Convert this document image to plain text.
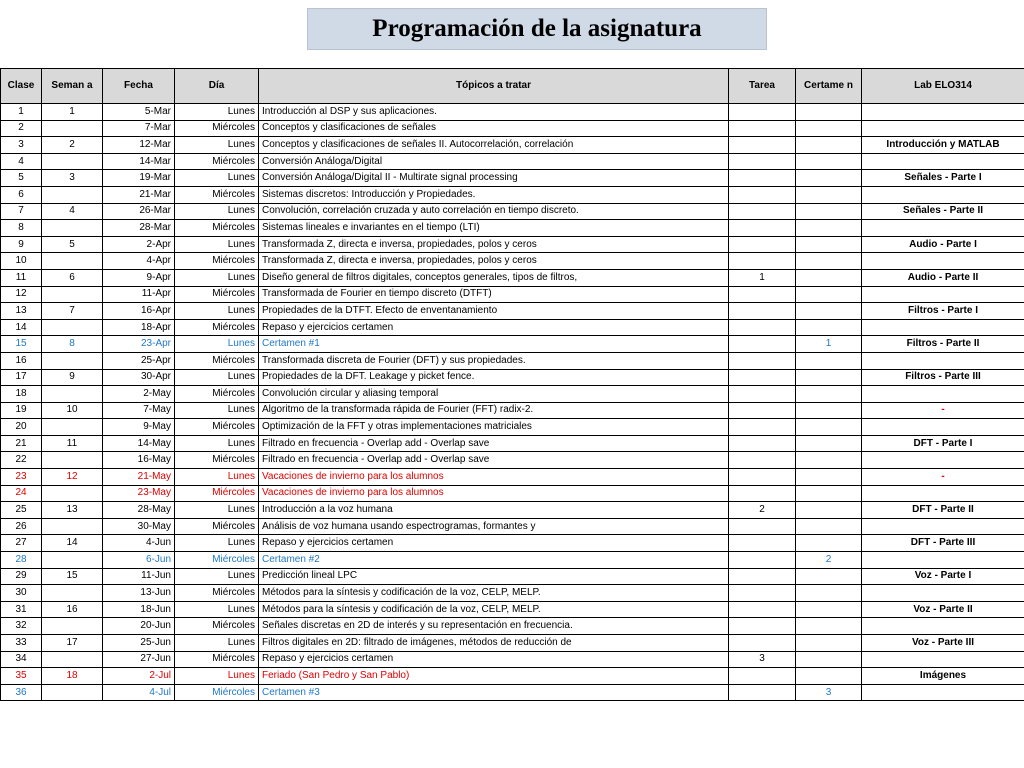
Programación de la asignatura
Clase	Seman a	Fecha	Día	Tópicos a tratar	Tarea	Certame n	Lab ELO314
1	1	5-Mar	Lunes	Introducción al DSP y sus aplicaciones.			
2		7-Mar	Miércoles	Conceptos y clasificaciones de señales			
3	2	12-Mar	Lunes	Conceptos y clasificaciones de señales II. Autocorrelación, correlación			Introducción y MATLAB
4		14-Mar	Miércoles	Conversión Análoga/Digital			
5	3	19-Mar	Lunes	Conversión Análoga/Digital II - Multirate signal processing			Señales - Parte I
6		21-Mar	Miércoles	Sistemas discretos: Introducción y Propiedades.			
7	4	26-Mar	Lunes	Convolución, correlación cruzada y auto correlación en tiempo discreto.			Señales - Parte II
8		28-Mar	Miércoles	Sistemas lineales e invariantes en el tiempo (LTI)			
9	5	2-Apr	Lunes	Transformada Z, directa e inversa, propiedades, polos y ceros			Audio - Parte I
10		4-Apr	Miércoles	Transformada Z, directa e inversa, propiedades, polos y ceros			
11	6	9-Apr	Lunes	Diseño general de filtros digitales, conceptos generales, tipos de filtros,	1		Audio - Parte II
12		11-Apr	Miércoles	Transformada de Fourier en tiempo discreto (DTFT)			
13	7	16-Apr	Lunes	Propiedades de la DTFT. Efecto de enventanamiento			Filtros - Parte I
14		18-Apr	Miércoles	Repaso y ejercicios certamen			
15	8	23-Apr	Lunes	Certamen #1		1	Filtros - Parte II
16		25-Apr	Miércoles	Transformada discreta de Fourier (DFT) y sus propiedades.			
17	9	30-Apr	Lunes	Propiedades de la DFT. Leakage y picket fence.			Filtros - Parte III
18		2-May	Miércoles	Convolución circular y aliasing temporal			
19	10	7-May	Lunes	Algoritmo de la transformada rápida de Fourier (FFT) radix-2.			-
20		9-May	Miércoles	Optimización de la FFT y otras implementaciones matriciales			
21	11	14-May	Lunes	Filtrado en frecuencia - Overlap add - Overlap save			DFT - Parte I
22		16-May	Miércoles	Filtrado en frecuencia - Overlap add - Overlap save			
23	12	21-May	Lunes	Vacaciones de invierno para los alumnos			-
24		23-May	Miércoles	Vacaciones de invierno para los alumnos			
25	13	28-May	Lunes	Introducción a la voz humana	2		DFT - Parte II
26		30-May	Miércoles	Análisis de voz humana usando espectrogramas, formantes y			
27	14	4-Jun	Lunes	Repaso y ejercicios certamen			DFT - Parte III
28		6-Jun	Miércoles	Certamen #2		2	
29	15	11-Jun	Lunes	Predicción lineal LPC			Voz - Parte I
30		13-Jun	Miércoles	Métodos para la síntesis y codificación de la voz, CELP, MELP.			
31	16	18-Jun	Lunes	Métodos para la síntesis y codificación de la voz, CELP, MELP.			Voz - Parte II
32		20-Jun	Miércoles	Señales discretas en 2D de interés y su representación en frecuencia.			
33	17	25-Jun	Lunes	Filtros digitales en 2D: filtrado de imágenes, métodos de reducción de			Voz - Parte III
34		27-Jun	Miércoles	Repaso y ejercicios certamen	3		
35	18	2-Jul	Lunes	Feriado (San Pedro y San Pablo)			Imágenes
36		4-Jul	Miércoles	Certamen #3		3	
